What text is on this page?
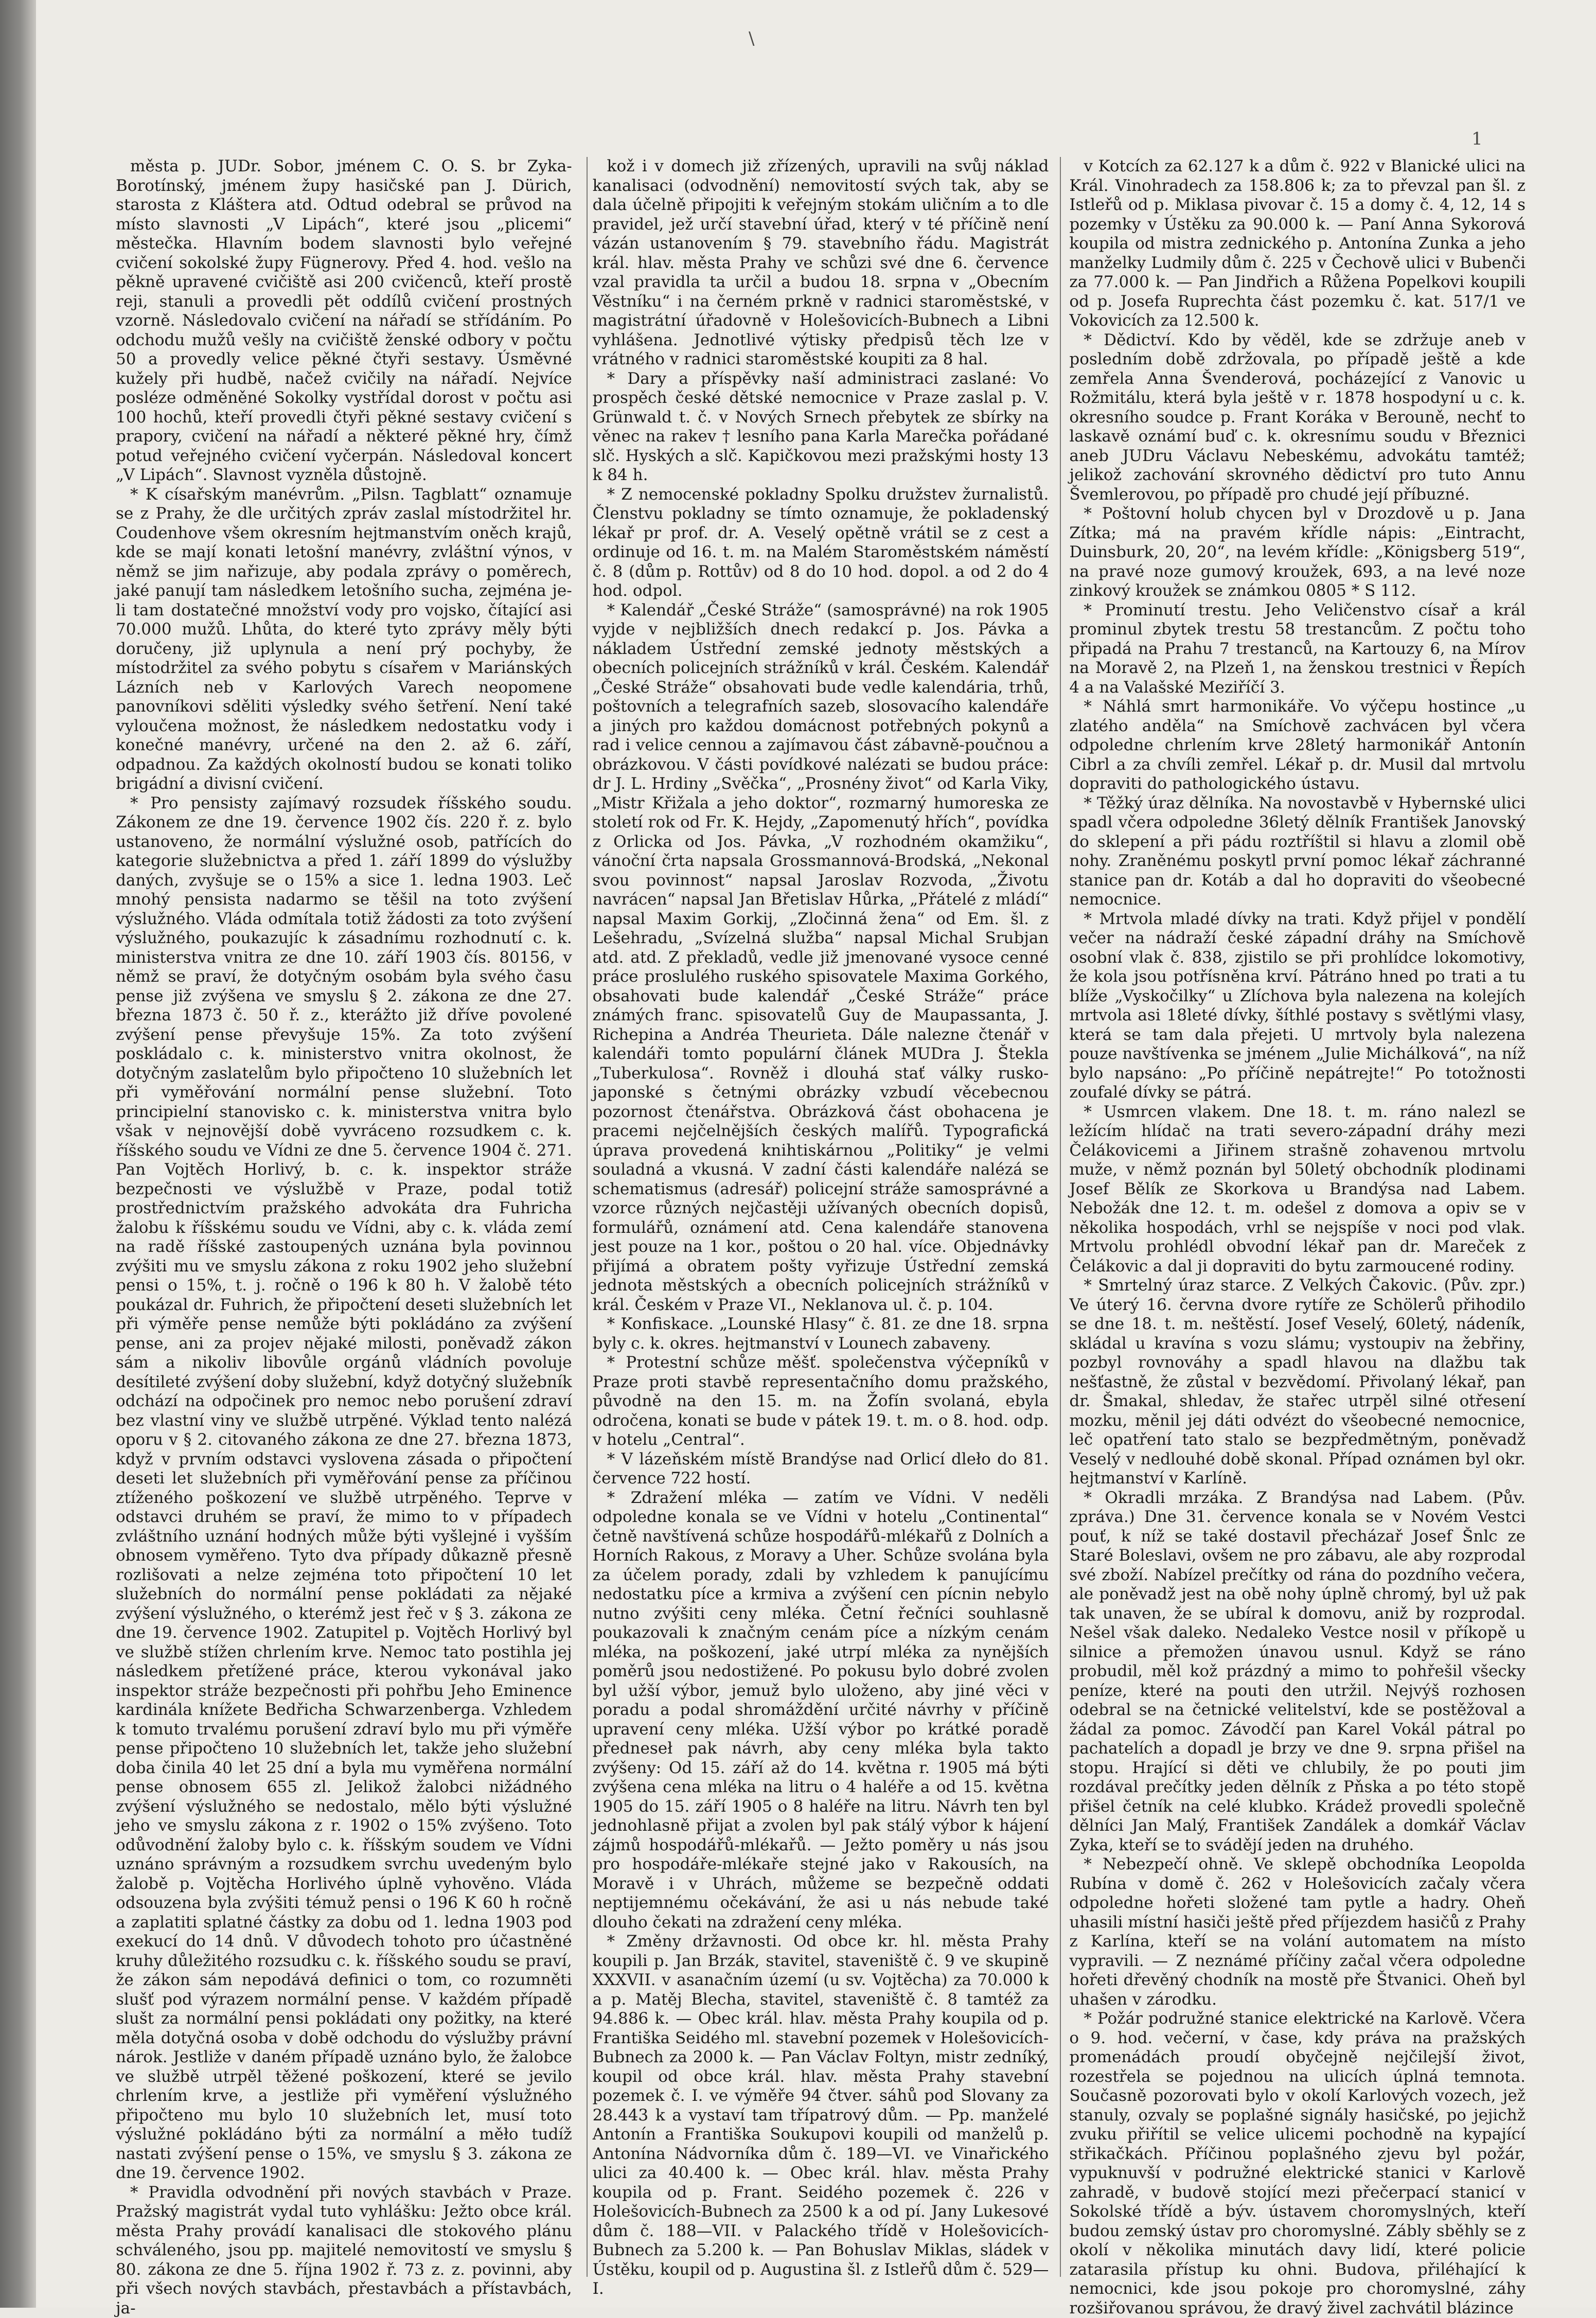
\
1

města p. JUDr. Sobor, jménem C. O. S. br Zyka-Borotínský, jménem župy hasičské pan J. Dürich, starosta z Kláštera atd. Odtud odebral se průvod na místo slavnosti „V Lipách“, které jsou „plicemi“ městečka. Hlavním bodem slavnosti bylo veřejné cvičení sokolské župy Fügnerovy. Před 4. hod. vešlo na pěkně upravené cvičiště asi 200 cvičenců, kteří prostě reji, stanuli a provedli pět oddílů cvičení prostných vzorně. Následovalo cvičení na nářadí se střídáním. Po odchodu mužů vešly na cvičiště ženské odbory v počtu 50 a provedly velice pěkné čtyři sestavy. Úsměvné kužely při hudbě, načež cvičily na nářadí. Nejvíce posléze odměněné Sokolky vystřídal dorost v počtu asi 100 hochů, kteří provedli čtyři pěkné sestavy cvičení s prapory, cvičení na nářadí a některé pěkné hry, čímž potud veřejného cvičení vyčerpán. Následoval koncert „V Lipách“. Slavnost vyzněla důstojně.

* K císařským manévrům. „Pilsn. Tagblatt“ oznamuje se z Prahy, že dle určitých zpráv zaslal místodržitel hr. Coudenhove všem okresním hejtmanstvím oněch krajů, kde se mají konati letošní manévry, zvláštní výnos, v němž se jim nařizuje, aby podala zprávy o poměrech, jaké panují tam následkem letošního sucha, zejména je-li tam dostatečné množství vody pro vojsko, čítající asi 70.000 mužů. Lhůta, do které tyto zprávy měly býti doručeny, již uplynula a není prý pochyby, že místodržitel za svého pobytu s císařem v Mariánských Lázních neb v Karlových Varech neopomene panovníkovi sděliti výsledky svého šetření. Není také vyloučena možnost, že následkem nedostatku vody i konečné manévry, určené na den 2. až 6. září, odpadnou. Za každých okolností budou se konati toliko brigádní a divisní cvičení.

* Pro pensisty zajímavý rozsudek říšského soudu. Zákonem ze dne 19. července 1902 čís. 220 ř. z. bylo ustanoveno, že normální výslužné osob, patřících do kategorie služebnictva a před 1. září 1899 do výslužby daných, zvyšuje se o 15% a sice 1. ledna 1903. Leč mnohý pensista nadarmo se těšil na toto zvýšení výslužného. Vláda odmítala totiž žádosti za toto zvýšení výslužného, poukazujíc k zásadnímu rozhodnutí c. k. ministerstva vnitra ze dne 10. září 1903 čís. 80156, v němž se praví, že dotyčným osobám byla svého času pense již zvýšena ve smyslu § 2. zákona ze dne 27. března 1873 č. 50 ř. z., kterážto již dříve povolené zvýšení pense převyšuje 15%. Za toto zvýšení poskládalo c. k. ministerstvo vnitra okolnost, že dotyčným zaslatelům bylo připočteno 10 služebních let při vyměřování normální pense služební. Toto principielní stanovisko c. k. ministerstva vnitra bylo však v nejnovější době vyvráceno rozsudkem c. k. říšského soudu ve Vídni ze dne 5. července 1904 č. 271. Pan Vojtěch Horlivý, b. c. k. inspektor stráže bezpečnosti ve výslužbě v Praze, podal totiž prostřednictvím pražského advokáta dra Fuhricha žalobu k říšskému soudu ve Vídni, aby c. k. vláda zemí na radě říšské zastoupených uznána byla povinnou zvýšiti mu ve smyslu zákona z roku 1902 jeho služební pensi o 15%, t. j. ročně o 196 k 80 h. V žalobě této poukázal dr. Fuhrich, že připočtení deseti služebních let při výměře pense nemůže býti pokládáno za zvýšení pense, ani za projev nějaké milosti, poněvadž zákon sám a nikoliv libovůle orgánů vládních povoluje desítileté zvýšení doby služební, když dotyčný služebník odchází na odpočinek pro nemoc nebo porušení zdraví bez vlastní viny ve službě utrpěné. Výklad tento nalézá oporu v § 2. citovaného zákona ze dne 27. března 1873, když v prvním odstavci vyslovena zásada o připočtení deseti let služebních při vyměřování pense za příčinou ztíženého poškození ve službě utrpěného. Teprve v odstavci druhém se praví, že mimo to v případech zvláštního uznání hodných může býti vyšlejné i vyšším obnosem vyměřeno. Tyto dva případy důkazně přesně rozlišovati a nelze zejména toto připočtení 10 let služebních do normální pense pokládati za nějaké zvýšení výslužného, o kterémž jest řeč v § 3. zákona ze dne 19. července 1902. Zatupitel p. Vojtěch Horlivý byl ve službě stížen chrlením krve. Nemoc tato postihla jej následkem přetížené práce, kterou vykonával jako inspektor stráže bezpečnosti při pohřbu Jeho Eminence kardinála knížete Bedřicha Schwarzenberga. Vzhledem k tomuto trvalému porušení zdraví bylo mu při výměře pense připočteno 10 služebních let, takže jeho služební doba činila 40 let 25 dní a byla mu vyměřena normální pense obnosem 655 zl. Jelikož žalobci nižádného zvýšení výslužného se nedostalo, mělo býti výslužné jeho ve smyslu zákona z r. 1902 o 15% zvýšeno. Toto odůvodnění žaloby bylo c. k. říšským soudem ve Vídni uznáno správným a rozsudkem svrchu uvedeným bylo žalobě p. Vojtěcha Horlivého úplně vyhověno. Vláda odsouzena byla zvýšiti témuž pensi o 196 K 60 h ročně a zaplatiti splatné částky za dobu od 1. ledna 1903 pod exekucí do 14 dnů. V důvodech tohoto pro účastněné kruhy důležitého rozsudku c. k. říšského soudu se praví, že zákon sám nepodává definici o tom, co rozumněti slušť pod výrazem normální pense. V každém případě slušt za normální pensi pokládati ony požitky, na které měla dotyčná osoba v době odchodu do výslužby právní nárok. Jestliže v daném případě uznáno bylo, že žalobce ve službě utrpěl těžené poškození, které se jevilo chrlením krve, a jestliže při vyměření výslužného připočteno mu bylo 10 služebních let, musí toto výslužné pokládáno býti za normální a měło tudíž nastati zvýšení pense o 15%, ve smyslu § 3. zákona ze dne 19. července 1902.

* Pravidla odvodnění při nových stavbách v Praze. Pražský magistrát vydal tuto vyhlášku: Ježto obce král. města Prahy provádí kanalisaci dle stokového plánu schváleného, jsou pp. majitelé nemovitostí ve smyslu § 80. zákona ze dne 5. října 1902 ř. 73 z. z. povinni, aby při všech nových stavbách, přestavbách a přístavbách, ja-

kož i v domech již zřízených, upravili na svůj náklad kanalisaci (odvodnění) nemovitostí svých tak, aby se dala účelně připojiti k veřejným stokám uličním a to dle pravidel, jež určí stavební úřad, který v té příčině není vázán ustanovením § 79. stavebního řádu. Magistrát král. hlav. města Prahy ve schůzi své dne 6. července vzal pravidla ta určil a budou 18. srpna v „Obecním Věstníku“ i na černém prkně v radnici staroměstské, v magistrátní úřadovně v Holešovicích-Bubnech a Libni vyhlášena. Jednotlivé výtisky předpisů těch lze v vrátného v radnici staroměstské koupiti za 8 hal.

* Dary a příspěvky naší administraci zaslané: Vo prospěch české dětské nemocnice v Praze zaslal p. V. Grünwald t. č. v Nových Srnech přebytek ze sbírky na věnec na rakev † lesního pana Karla Marečka pořádané slč. Hyských a slč. Kapičkovou mezi pražskými hosty 13 k 84 h.

* Z nemocenské pokladny Spolku družstev žurnalistů. Členstvu pokladny se tímto oznamuje, že pokladenský lékař pr prof. dr. A. Veselý opětně vrátil se z cest a ordinuje od 16. t. m. na Malém Staroměstském náměstí č. 8 (dům p. Rottův) od 8 do 10 hod. dopol. a od 2 do 4 hod. odpol.

* Kalendář „České Stráže“ (samosprávné) na rok 1905 vyjde v nejbližších dnech redakcí p. Jos. Pávka a nákladem Ústřední zemské jednoty městských a obecních policejních strážníků v král. Českém. Kalendář „České Stráže“ obsahovati bude vedle kalendária, trhů, poštovních a telegrafních sazeb, slosovacího kalendáře a jiných pro každou domácnost potřebných pokynů a rad i velice cennou a zajímavou část zábavně-poučnou a obrázkovou. V části povídkové nalézati se budou práce: dr J. L. Hrdiny „Svěčka“, „Prosnény život“ od Karla Viky, „Mistr Křižala a jeho doktor“, rozmarný humoreska ze století rok od Fr. K. Hejdy, „Zapomenutý hřích“, povídka z Orlicka od Jos. Pávka, „V rozhodném okamžiku“, vánoční črta napsala Grossmannová-Brodská, „Nekonal svou povinnost“ napsal Jaroslav Rozvoda, „Životu navrácen“ napsal Jan Břetislav Hůrka, „Přátelé z mládí“ napsal Maxim Gorkij, „Zločinná žena“ od Em. šl. z Lešehradu, „Svízelná služba“ napsal Michal Srubjan atd. atd. Z překladů, vedle již jmenované vysoce cenné práce proslulého ruského spisovatele Maxima Gorkého, obsahovati bude kalendář „České Stráže“ práce známých franc. spisovatelů Guy de Maupassanta, J. Richepina a Andréa Theurieta. Dále nalezne čtenář v kalendáři tomto populární článek MUDra J. Štekla „Tuberkulosa“. Rovněž i dlouhá stať války rusko-japonské s četnými obrázky vzbudí věcebecnou pozornost čtenářstva. Obrázková část obohacena je pracemi nejčelnějších českých malířů. Typografická úprava provedená knihtiskárnou „Politiky“ je velmi souladná a vkusná. V zadní části kalendáře nalézá se schematismus (adresář) policejní stráže samosprávné a vzorce různých nejčastěji užívaných obecních dopisů, formulářů, oznámení atd. Cena kalendáře stanovena jest pouze na 1 kor., poštou o 20 hal. více. Objednávky přijímá a obratem pošty vyřizuje Ústřední zemská jednota městských a obecních policejních strážníků v král. Českém v Praze VI., Neklanova ul. č. p. 104.

* Konfiskace. „Lounské Hlasy“ č. 81. ze dne 18. srpna byly c. k. okres. hejtmanství v Lounech zabaveny.

* Protestní schůze měšť. společenstva výčepníků v Praze proti stavbě representačního domu pražského, původně na den 15. m. na Žofín svolaná, ebyla odročena, konati se bude v pátek 19. t. m. o 8. hod. odp. v hotelu „Central“.

* V lázeňském místě Brandýse nad Orlicí dleło do 81. července 722 hostí.

* Zdražení mléka — zatím ve Vídni. V neděli odpoledne konala se ve Vídni v hotelu „Continental“ četně navštívená schůze hospodářů-mlékařů z Dolních a Horních Rakous, z Moravy a Uher. Schůze svolána byla za účelem porady, zdali by vzhledem k panujícímu nedostatku píce a krmiva a zvýšení cen pícnin nebylo nutno zvýšiti ceny mléka. Četní řečníci souhlasně poukazovali k značným cenám píce a nízkým cenám mléka, na poškození, jaké utrpí mléka za nynějších poměrů jsou nedostižené. Po pokusu bylo dobré zvolen byl užší výbor, jemuž bylo uloženo, aby jiné věci v poradu a podal shromáždění určité návrhy v příčině upravení ceny mléka. Užší výbor po krátké poradě předneseł pak návrh, aby ceny mléka byla takto zvýšeny: Od 15. září až do 14. května r. 1905 má býti zvýšena cena mléka na litru o 4 haléře a od 15. května 1905 do 15. září 1905 o 8 haléře na litru. Návrh ten byl jednohlasně přijat a zvolen byl pak stálý výbor k hájení zájmů hospodářů-mlékařů. — Ježto poměry u nás jsou pro hospodáře-mlékaře stejné jako v Rakousích, na Moravě i v Uhrách, můžeme se bezpečně oddati neptijemnému očekávání, že asi u nás nebude také dlouho čekati na zdražení ceny mléka.

* Změny državnosti. Od obce kr. hl. města Prahy koupili p. Jan Brzák, stavitel, staveniště č. 9 ve skupině XXXVII. v asanačním území (u sv. Vojtěcha) za 70.000 k a p. Matěj Blecha, stavitel, staveniště č. 8 tamtéž za 94.886 k. — Obec král. hlav. města Prahy koupila od p. Františka Seidého ml. stavební pozemek v Holešovicích-Bubnech za 2000 k. — Pan Václav Foltyn, mistr zedníký, koupil od obce král. hlav. města Prahy stavební pozemek č. I. ve výměře 94 čtver. sáhů pod Slovany za 28.443 k a vystaví tam třípatrový dům. — Pp. manželé Antonín a Františka Soukupovi koupili od manželů p. Antonína Nádvorníka dům č. 189—VI. ve Vinařického ulici za 40.400 k. — Obec král. hlav. města Prahy koupila od p. Frant. Seidého pozemek č. 226 v Holešovicích-Bubnech za 2500 k a od pí. Jany Lukesové dům č. 188—VII. v Palackého třídě v Holešovicích-Bubnech za 5.200 k. — Pan Bohuslav Miklas, sládek v Ústěku, koupil od p. Augustina šl. z Istleřů dům č. 529—I.

v Kotcích za 62.127 k a dům č. 922 v Blanické ulici na Král. Vinohradech za 158.806 k; za to převzal pan šl. z Istleřů od p. Miklasa pivovar č. 15 a domy č. 4, 12, 14 s pozemky v Ústěku za 90.000 k. — Paní Anna Sykorová koupila od mistra zednického p. Antonína Zunka a jeho manželky Ludmily dům č. 225 v Čechově ulici v Bubenči za 77.000 k. — Pan Jindřich a Růžena Popelkovi koupili od p. Josefa Ruprechta část pozemku č. kat. 517/1 ve Vokovicích za 12.500 k.

* Dědictví. Kdo by věděl, kde se zdržuje aneb v posledním době zdržovala, po případě ještě a kde zemřela Anna Švenderová, pocházející z Vanovic u Rožmitálu, která byla ještě v r. 1878 hospodyní u c. k. okresního soudce p. Frant Koráka v Berouně, nechť to laskavě oznámí buď c. k. okresnímu soudu v Březnici aneb JUDru Václavu Nebeskému, advokátu tamtéž; jelikož zachování skrovného dědictví pro tuto Annu Švemlerovou, po případě pro chudé její příbuzné.

* Poštovní holub chycen byl v Drozdově u p. Jana Zítka; má na pravém křídle nápis: „Eintracht, Duinsburk, 20, 20“, na levém křídle: „Königsberg 519“, na pravé noze gumový kroužek, 693, a na levé noze zinkový kroužek se známkou 0805 * S 112.

* Prominutí trestu. Jeho Veličenstvo císař a král prominul zbytek trestu 58 trestancům. Z počtu toho připadá na Prahu 7 trestanců, na Kartouzy 6, na Mírov na Moravě 2, na Plzeň 1, na ženskou trestnici v Řepích 4 a na Valašské Meziříčí 3.

* Náhlá smrt harmonikáře. Vo výčepu hostince „u zlatého anděla“ na Smíchově zachvácen byl včera odpoledne chrlením krve 28letý harmonikář Antonín Cibrl a za chvíli zemřel. Lékař p. dr. Musil dal mrtvolu dopraviti do pathologického ústavu.

* Těžký úraz dělníka. Na novostavbě v Hybernské ulici spadl včera odpoledne 36letý dělník František Janovský do sklepení a při pádu roztříštil si hlavu a zlomil obě nohy. Zraněnému poskytl první pomoc lékař záchranné stanice pan dr. Kotáb a dal ho dopraviti do všeobecné nemocnice.

* Mrtvola mladé dívky na trati. Když přijel v pondělí večer na nádraží české západní dráhy na Smíchově osobní vlak č. 838, zjistilo se při prohlídce lokomotivy, že kola jsou potřísněna krví. Pátráno hned po trati a tu blíže „Vyskočilky“ u Zlíchova byla nalezena na kolejích mrtvola asi 18leté dívky, šíthlé postavy s světlými vlasy, která se tam dala přejeti. U mrtvoly byla nalezena pouze navštívenka se jménem „Julie Michálková“, na níž bylo napsáno: „Po příčině nepátrejte!“ Po totožnosti zoufalé dívky se pátrá.

* Usmrcen vlakem. Dne 18. t. m. ráno nalezl se ležícím hlídač na trati severo-západní dráhy mezi Čelákovicemi a Jiřinem strašně zohavenou mrtvolu muže, v němž poznán byl 50letý obchodník plodinami Josef Bělík ze Skorkova u Brandýsa nad Labem. Nebožák dne 12. t. m. odešel z domova a opiv se v několika hospodách, vrhl se nejspíše v noci pod vlak. Mrtvolu prohlédl obvodní lékař pan dr. Mareček z Čelákovic a dal ji dopraviti do bytu zarmoucené rodiny.

* Smrtelný úraz starce. Z Velkých Čakovic. (Pův. zpr.) Ve úterý 16. června dvore rytíře ze Schölerů přihodilo se dne 18. t. m. neštěstí. Josef Veselý, 60letý, nádeník, skládal u kravína s vozu slámu; vystoupiv na žebřiny, pozbyl rovnováhy a spadl hlavou na dlažbu tak nešťastně, že zůstal v bezvědomí. Přivolaný lékař, pan dr. Šmakal, shledav, že stařec utrpěl silné otřesení mozku, měnil jej dáti odvézt do všeobecné nemocnice, leč opatření tato stalo se bezpředmětným, poněvadž Veselý v nedlouhé době skonal. Případ oznámen byl okr. hejtmanství v Karlíně.

* Okradli mrzáka. Z Brandýsa nad Labem. (Pův. zpráva.) Dne 31. července konala se v Novém Vestci pouť, k níž se také dostavil přecházař Josef Šnlc ze Staré Boleslavi, ovšem ne pro zábavu, ale aby rozprodal své zboží. Nabízel prečítky od rána do pozdního večera, ale poněvadž jest na obě nohy úplně chromý, byl už pak tak unaven, že se ubíral k domovu, aniž by rozprodal. Nešel však daleko. Nedaleko Vestce nosil v příkopě u silnice a přemožen únavou usnul. Když se ráno probudil, měl kož prázdný a mimo to pohřešil všecky peníze, které na pouti den utržil. Nejvýš rozhosen odebral se na četnické velitelství, kde se postěžoval a žádal za pomoc. Závodčí pan Karel Vokál pátral po pachatelích a dopadl je brzy ve dne 9. srpna přišel na stopu. Hrající si děti ve chlubily, že po pouti jim rozdával prečítky jeden dělník z Pňska a po této stopě přišel četník na celé klubko. Krádež provedli společně dělníci Jan Malý, František Zandálek a domkář Václav Zyka, kteří se to svádějí jeden na druhého.

* Nebezpečí ohně. Ve sklepě obchodníka Leopolda Rubína v domě č. 262 v Holešovicích začaly včera odpoledne hořeti složené tam pytle a hadry. Oheň uhasili místní hasiči ještě před příjezdem hasičů z Prahy z Karlína, kteří se na volání automatem na místo vypravili. — Z neznámé příčiny začal včera odpoledne hořeti dřevěný chodník na mostě pře Štvanici. Oheň byl uhašen v zárodku.

* Požár podružné stanice elektrické na Karlově. Včera o 9. hod. večerní, v čase, kdy práva na pražských promenádách proudí obyčejně nejčilejší život, rozestřela se pojednou na ulicích úplná temnota. Současně pozorovati bylo v okolí Karlových vozech, jež stanuly, ozvaly se poplašné signály hasičské, po jejichž zvuku přiřítil se velice ulicemi pochodně na kypající střikačkách. Příčinou poplašného zjevu byl požár, vypuknuvší v podružné elektrické stanici v Karlově zahradě, v budově stojící mezi přečerpací stanicí v Sokolské třídě a býv. ústavem choromyslných, kteří budou zemský ústav pro choromyslné. Zábly sběhly se z okolí v několika minutách davy lidí, které policie zatarasila přístup ku ohni. Budova, přiléhající k nemocnici, kde jsou pokoje pro choromyslné, záhy rozšiřovanou správou, že dravý živel zachvátil blázince
